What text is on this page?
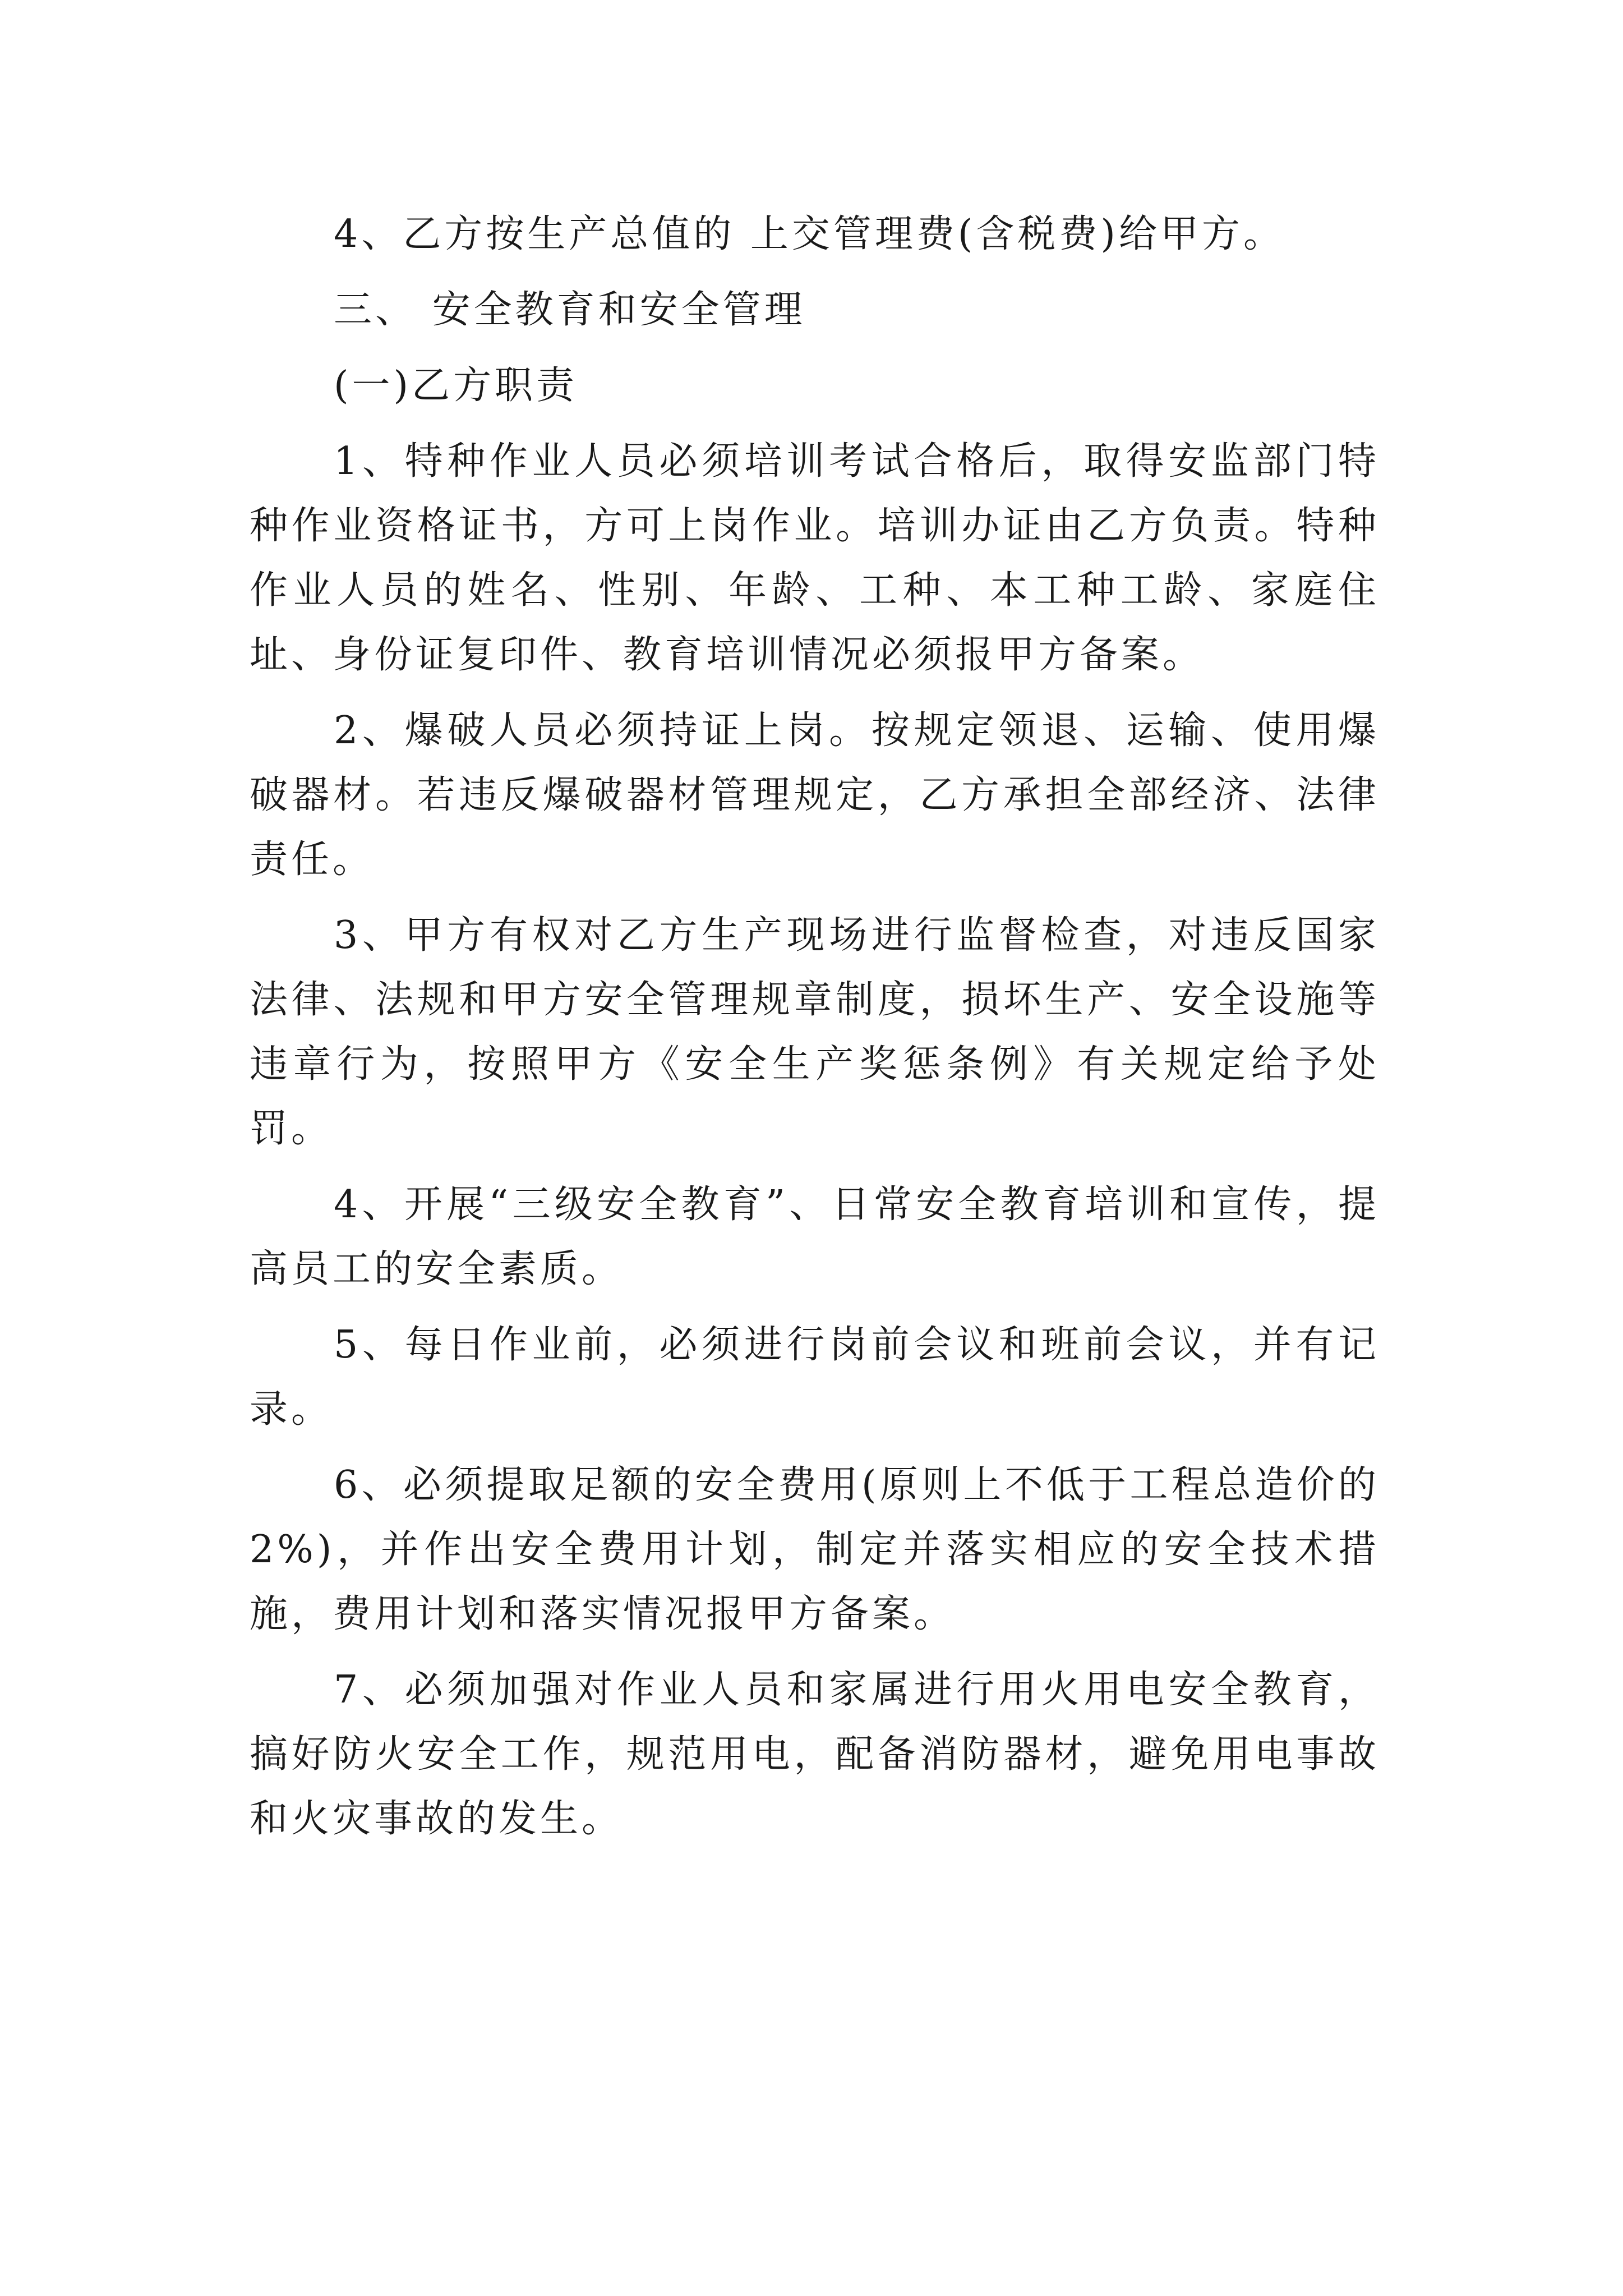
4、乙方按生产总值的 上交管理费(含税费)给甲方。

三、 安全教育和安全管理

(一)乙方职责

1、特种作业人员必须培训考试合格后，取得安监部门特种作业资格证书，方可上岗作业。培训办证由乙方负责。特种作业人员的姓名、性别、年龄、工种、本工种工龄、家庭住址、身份证复印件、教育培训情况必须报甲方备案。

2、爆破人员必须持证上岗。按规定领退、运输、使用爆破器材。若违反爆破器材管理规定，乙方承担全部经济、法律责任。

3、甲方有权对乙方生产现场进行监督检查，对违反国家法律、法规和甲方安全管理规章制度，损坏生产、安全设施等违章行为，按照甲方《安全生产奖惩条例》有关规定给予处罚。

4、开展“三级安全教育”、日常安全教育培训和宣传，提高员工的安全素质。

5、每日作业前，必须进行岗前会议和班前会议，并有记录。

6、必须提取足额的安全费用(原则上不低于工程总造价的 2%)，并作出安全费用计划，制定并落实相应的安全技术措施，费用计划和落实情况报甲方备案。

7、必须加强对作业人员和家属进行用火用电安全教育，搞好防火安全工作，规范用电，配备消防器材，避免用电事故和火灾事故的发生。
